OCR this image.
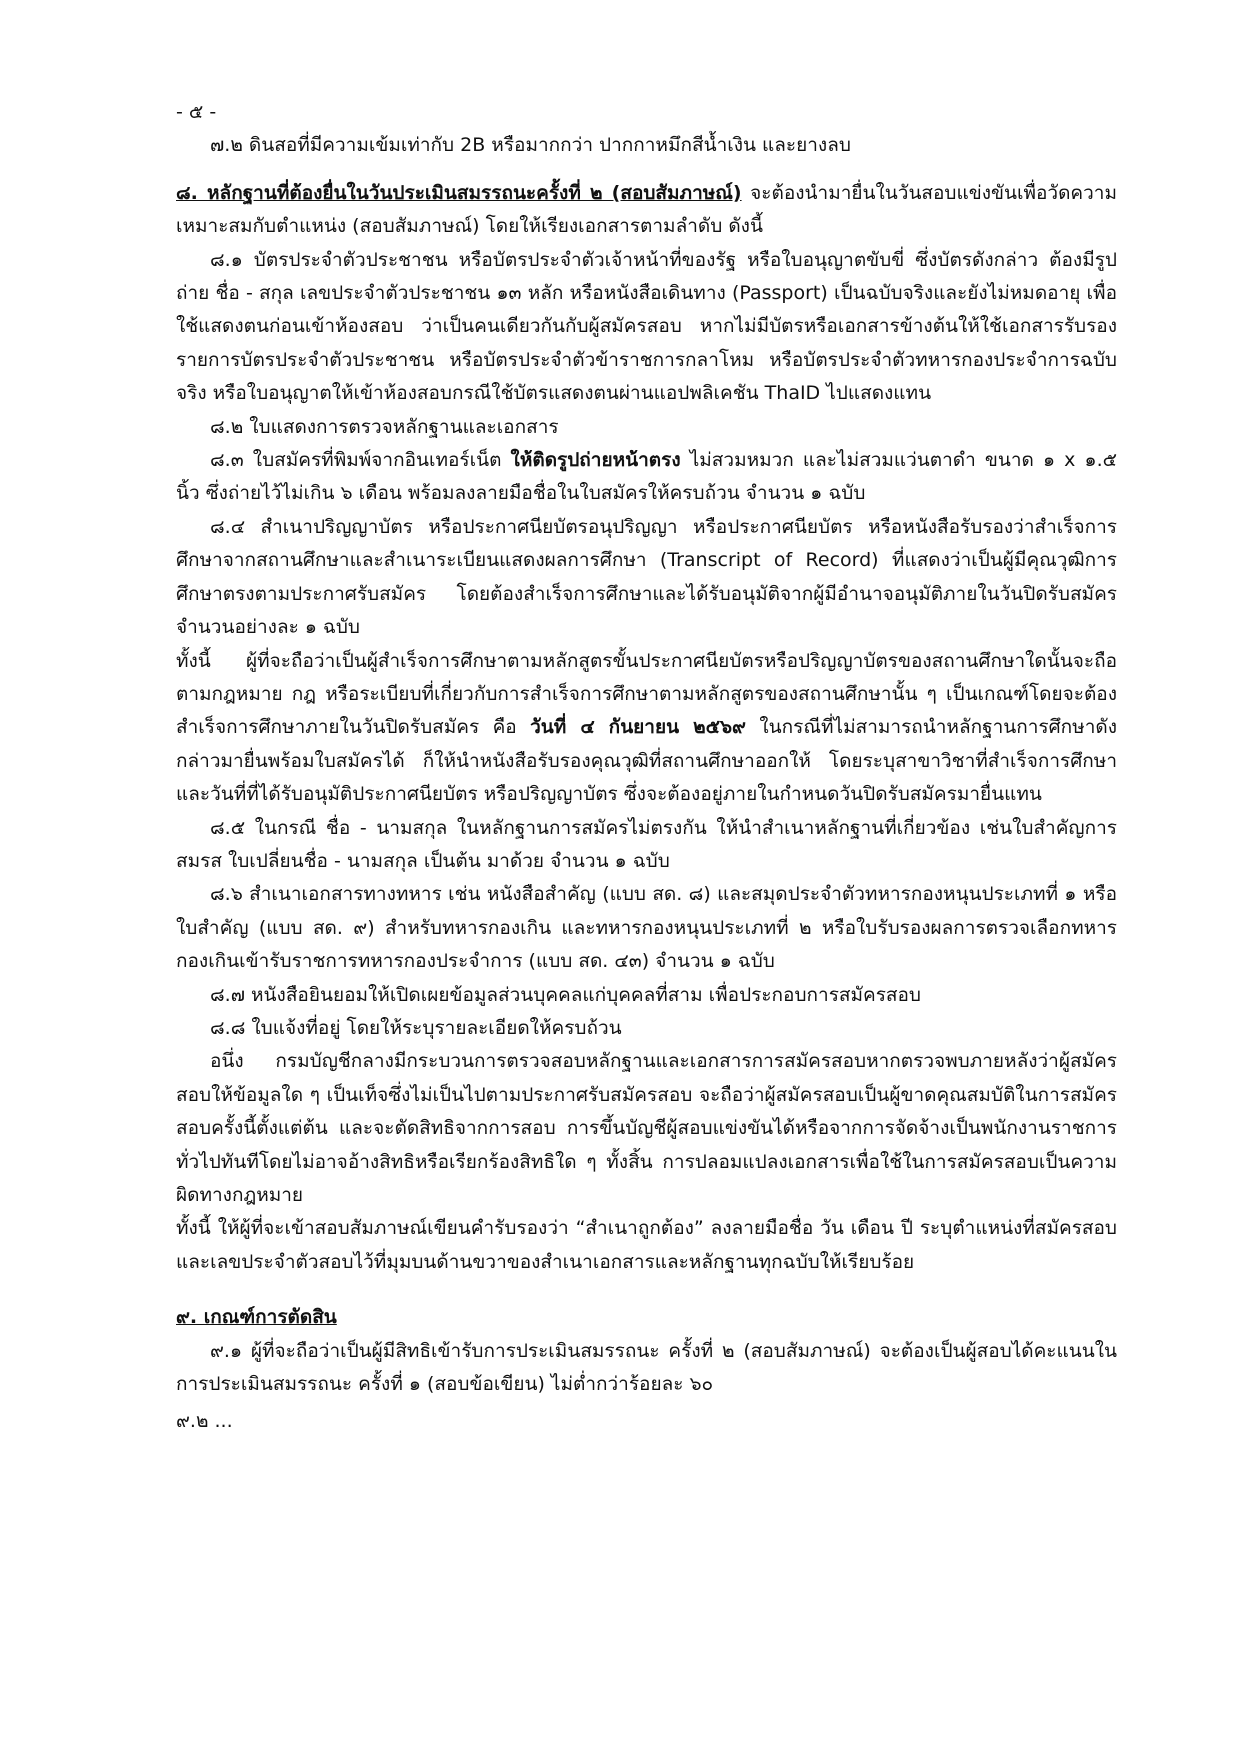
- ๕ -

๗.๒ ดินสอที่มีความเข้มเท่ากับ 2B หรือมากกว่า ปากกาหมึกสีน้ำเงิน และยางลบ

๘. หลักฐานที่ต้องยื่นในวันประเมินสมรรถนะครั้งที่ ๒ (สอบสัมภาษณ์) จะต้องนำมายื่นในวันสอบแข่งขันเพื่อวัดความเหมาะสมกับตำแหน่ง (สอบสัมภาษณ์) โดยให้เรียงเอกสารตามลำดับ ดังนี้

๘.๑ บัตรประจำตัวประชาชน หรือบัตรประจำตัวเจ้าหน้าที่ของรัฐ หรือใบอนุญาตขับขี่ ซึ่งบัตรดังกล่าว ต้องมีรูปถ่าย ชื่อ - สกุล เลขประจำตัวประชาชน ๑๓ หลัก หรือหนังสือเดินทาง (Passport) เป็นฉบับจริงและยังไม่หมดอายุ เพื่อใช้แสดงตนก่อนเข้าห้องสอบ ว่าเป็นคนเดียวกันกับผู้สมัครสอบ หากไม่มีบัตรหรือเอกสารข้างต้นให้ใช้เอกสารรับรองรายการบัตรประจำตัวประชาชน หรือบัตรประจำตัวข้าราชการกลาโหม หรือบัตรประจำตัวทหารกองประจำการฉบับจริง หรือใบอนุญาตให้เข้าห้องสอบกรณีใช้บัตรแสดงตนผ่านแอปพลิเคชัน ThaID ไปแสดงแทน

๘.๒ ใบแสดงการตรวจหลักฐานและเอกสาร

๘.๓ ใบสมัครที่พิมพ์จากอินเทอร์เน็ต ให้ติดรูปถ่ายหน้าตรง ไม่สวมหมวก และไม่สวมแว่นตาดำ ขนาด ๑ x ๑.๕ นิ้ว ซึ่งถ่ายไว้ไม่เกิน ๖ เดือน พร้อมลงลายมือชื่อในใบสมัครให้ครบถ้วน จำนวน ๑ ฉบับ

๘.๔ สำเนาปริญญาบัตร หรือประกาศนียบัตรอนุปริญญา หรือประกาศนียบัตร หรือหนังสือรับรองว่าสำเร็จการศึกษาจากสถานศึกษาและสำเนาระเบียนแสดงผลการศึกษา (Transcript of Record) ที่แสดงว่าเป็นผู้มีคุณวุฒิการศึกษาตรงตามประกาศรับสมัคร โดยต้องสำเร็จการศึกษาและได้รับอนุมัติจากผู้มีอำนาจอนุมัติภายในวันปิดรับสมัครจำนวนอย่างละ ๑ ฉบับ

ทั้งนี้ ผู้ที่จะถือว่าเป็นผู้สำเร็จการศึกษาตามหลักสูตรขั้นประกาศนียบัตรหรือปริญญาบัตรของสถานศึกษาใดนั้นจะถือตามกฎหมาย กฎ หรือระเบียบที่เกี่ยวกับการสำเร็จการศึกษาตามหลักสูตรของสถานศึกษานั้น ๆ เป็นเกณฑ์โดยจะต้องสำเร็จการศึกษาภายในวันปิดรับสมัคร คือ วันที่ ๔ กันยายน ๒๕๖๙ ในกรณีที่ไม่สามารถนำหลักฐานการศึกษาดังกล่าวมายื่นพร้อมใบสมัครได้ ก็ให้นำหนังสือรับรองคุณวุฒิที่สถานศึกษาออกให้ โดยระบุสาขาวิชาที่สำเร็จการศึกษาและวันที่ที่ได้รับอนุมัติประกาศนียบัตร หรือปริญญาบัตร ซึ่งจะต้องอยู่ภายในกำหนดวันปิดรับสมัครมายื่นแทน

๘.๕ ในกรณี ชื่อ - นามสกุล ในหลักฐานการสมัครไม่ตรงกัน ให้นำสำเนาหลักฐานที่เกี่ยวข้อง เช่นใบสำคัญการสมรส ใบเปลี่ยนชื่อ - นามสกุล เป็นต้น มาด้วย จำนวน ๑ ฉบับ

๘.๖ สำเนาเอกสารทางทหาร เช่น หนังสือสำคัญ (แบบ สด. ๘) และสมุดประจำตัวทหารกองหนุนประเภทที่ ๑ หรือใบสำคัญ (แบบ สด. ๙) สำหรับทหารกองเกิน และทหารกองหนุนประเภทที่ ๒ หรือใบรับรองผลการตรวจเลือกทหารกองเกินเข้ารับราชการทหารกองประจำการ (แบบ สด. ๔๓) จำนวน ๑ ฉบับ

๘.๗ หนังสือยินยอมให้เปิดเผยข้อมูลส่วนบุคคลแก่บุคคลที่สาม เพื่อประกอบการสมัครสอบ

๘.๘ ใบแจ้งที่อยู่ โดยให้ระบุรายละเอียดให้ครบถ้วน

อนึ่ง กรมบัญชีกลางมีกระบวนการตรวจสอบหลักฐานและเอกสารการสมัครสอบหากตรวจพบภายหลังว่าผู้สมัครสอบให้ข้อมูลใด ๆ เป็นเท็จซึ่งไม่เป็นไปตามประกาศรับสมัครสอบ จะถือว่าผู้สมัครสอบเป็นผู้ขาดคุณสมบัติในการสมัครสอบครั้งนี้ตั้งแต่ต้น และจะตัดสิทธิจากการสอบ การขึ้นบัญชีผู้สอบแข่งขันได้หรือจากการจัดจ้างเป็นพนักงานราชการทั่วไปทันทีโดยไม่อาจอ้างสิทธิหรือเรียกร้องสิทธิใด ๆ ทั้งสิ้น การปลอมแปลงเอกสารเพื่อใช้ในการสมัครสอบเป็นความผิดทางกฎหมาย

ทั้งนี้ ให้ผู้ที่จะเข้าสอบสัมภาษณ์เขียนคำรับรองว่า “สำเนาถูกต้อง” ลงลายมือชื่อ วัน เดือน ปี ระบุตำแหน่งที่สมัครสอบ และเลขประจำตัวสอบไว้ที่มุมบนด้านขวาของสำเนาเอกสารและหลักฐานทุกฉบับให้เรียบร้อย

๙. เกณฑ์การตัดสิน

๙.๑ ผู้ที่จะถือว่าเป็นผู้มีสิทธิเข้ารับการประเมินสมรรถนะ ครั้งที่ ๒ (สอบสัมภาษณ์) จะต้องเป็นผู้สอบได้คะแนนในการประเมินสมรรถนะ ครั้งที่ ๑ (สอบข้อเขียน) ไม่ต่ำกว่าร้อยละ ๖๐

๙.๒ ...
